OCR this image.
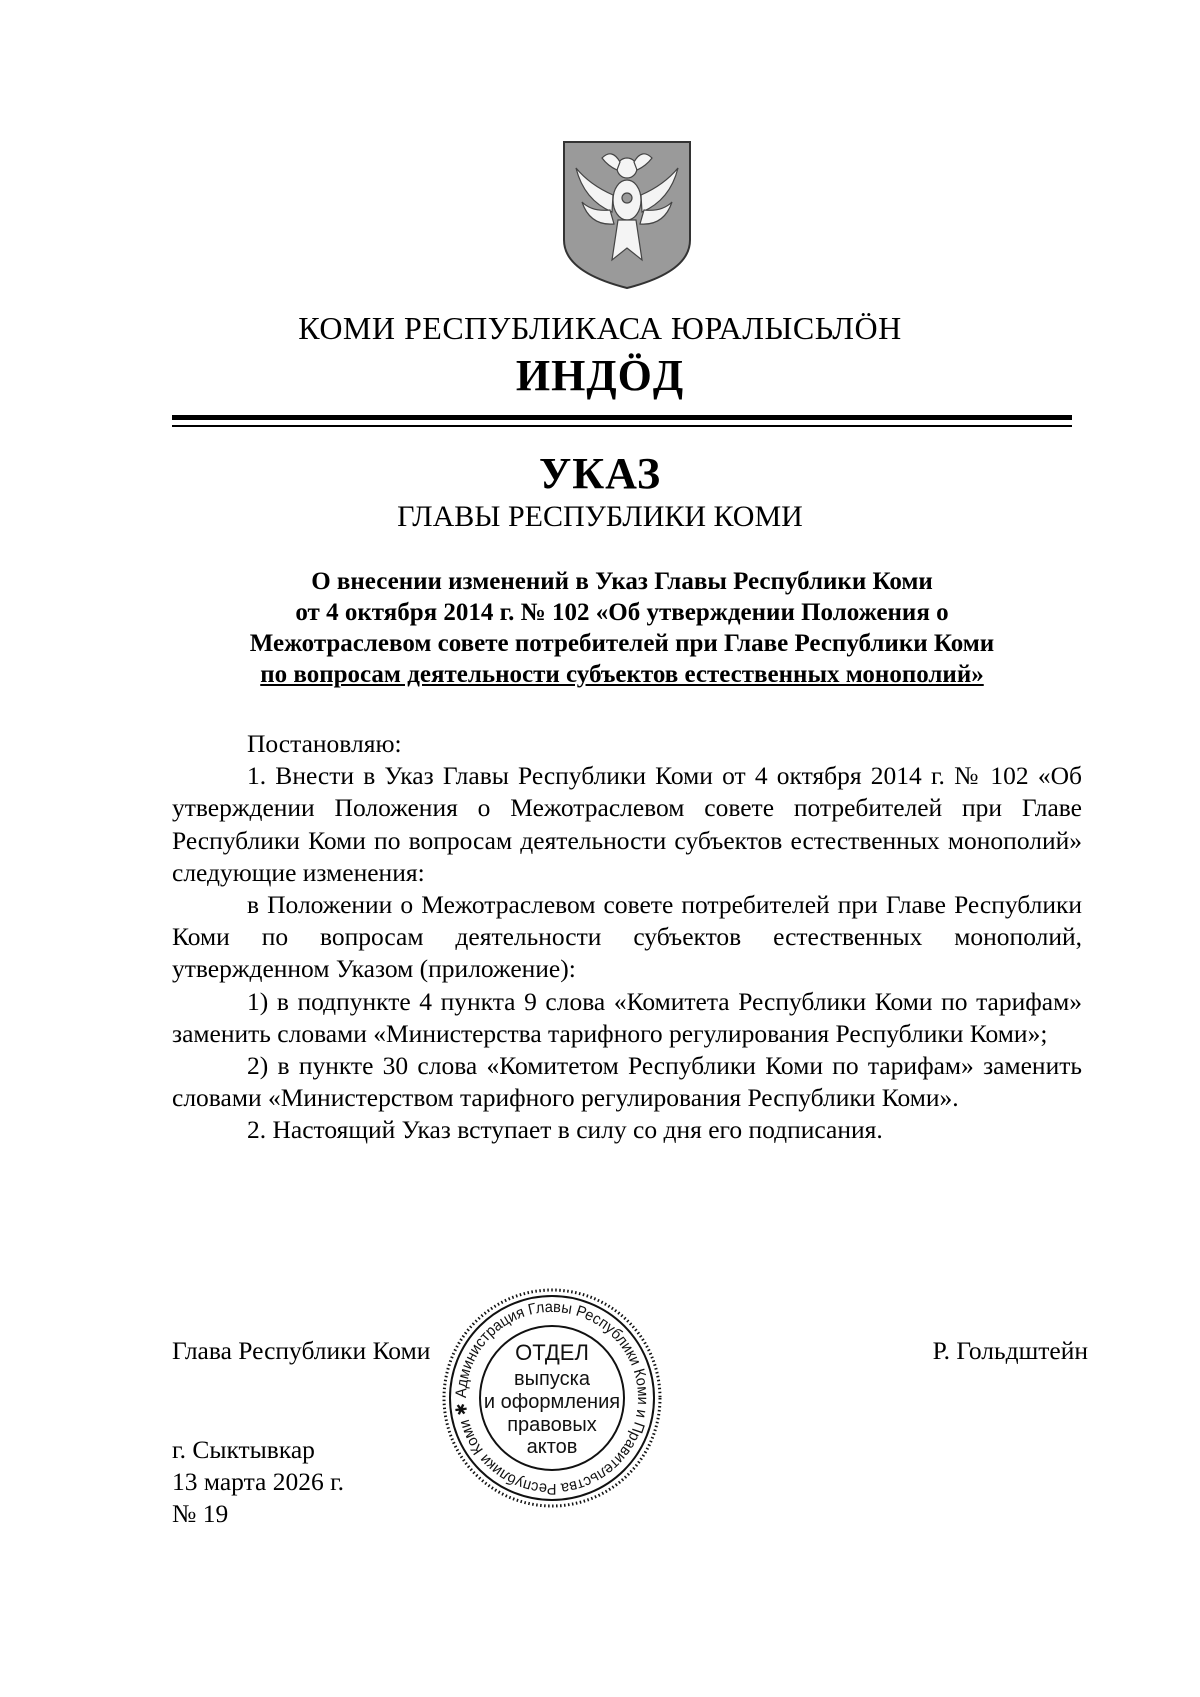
КОМИ РЕСПУБЛИКАСА ЮРАЛЫСЬЛӦН
ИНДӦД
УКАЗ
ГЛАВЫ РЕСПУБЛИКИ КОМИ
О внесении изменений в Указ Главы Республики Коми
от 4 октября 2014 г. № 102 «Об утверждении Положения о
Межотраслевом совете потребителей при Главе Республики Коми
по вопросам деятельности субъектов естественных монополий»

Постановляю:

1. Внести в Указ Главы Республики Коми от 4 октября 2014 г. № 102 «Об утверждении Положения о Межотраслевом совете потребителей при Главе Республики Коми по вопросам деятельности субъектов естественных монополий» следующие изменения:

в Положении о Межотраслевом совете потребителей при Главе Республики Коми по вопросам деятельности субъектов естественных монополий, утвержденном Указом (приложение):

1) в подпункте 4 пункта 9 слова «Комитета Республики Коми по тарифам» заменить словами «Министерства тарифного регулирования Республики Коми»;

2) в пункте 30 слова «Комитетом Республики Коми по тарифам» заменить словами «Министерством тарифного регулирования Республики Коми».

2. Настоящий Указ вступает в силу со дня его подписания.

Глава Республики Коми	Р. Гольдштейн
г. Сыктывкар
13 марта 2026 г.
№ 19
Администрация Главы Республики Коми и Правительства Республики Коми ✱
ОТДЕЛ
выпуска
и оформления
правовых
актов
